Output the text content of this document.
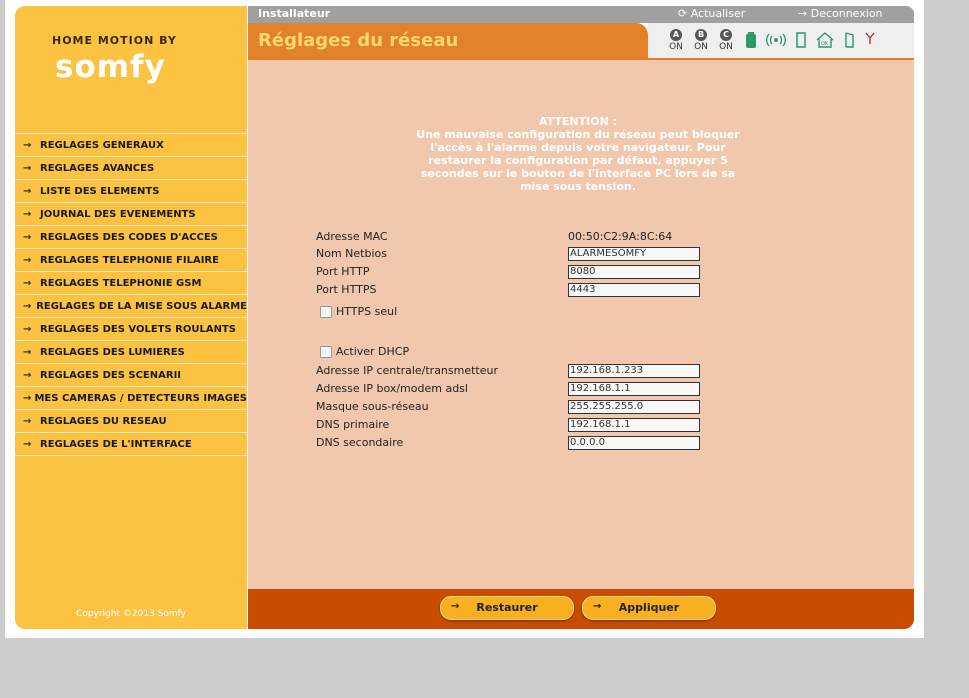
HOME MOTION BY
somfy
→ REGLAGES GENERAUX
→ REGLAGES AVANCES
→ LISTE DES ELEMENTS
→ JOURNAL DES EVENEMENTS
→ REGLAGES DES CODES D'ACCES
→ REGLAGES TELEPHONIE FILAIRE
→ REGLAGES TELEPHONIE GSM
→ REGLAGES DE LA MISE SOUS ALARME
→ REGLAGES DES VOLETS ROULANTS
→ REGLAGES DES LUMIERES
→ REGLAGES DES SCENARII
→ MES CAMERAS / DETECTEURS IMAGES
→ REGLAGES DU RESEAU
→ REGLAGES DE L'INTERFACE
Copyright ©2013 Somfy
Installateur	⟳ Actualiser	→ Deconnexion
Réglages du réseau	A
ON
B
ON
C
ON	OK
ATTENTION :
Une mauvaise configuration du réseau peut bloquer
l'accès à l'alarme depuis votre navigateur. Pour
restaurer la configuration par défaut, appuyer 5
secondes sur le bouton de l'interface PC lors de sa
mise sous tension.
Adresse MAC	00:50:C2:9A:8C:64
Nom Netbios	ALARMESOMFY
Port HTTP	8080
Port HTTPS	4443
HTTPS seul
Activer DHCP
Adresse IP centrale/transmetteur	192.168.1.233
Adresse IP box/modem adsl	192.168.1.1
Masque sous-réseau	255.255.255.0
DNS primaire	192.168.1.1
DNS secondaire	0.0.0.0
→	Restaurer	→	Appliquer
